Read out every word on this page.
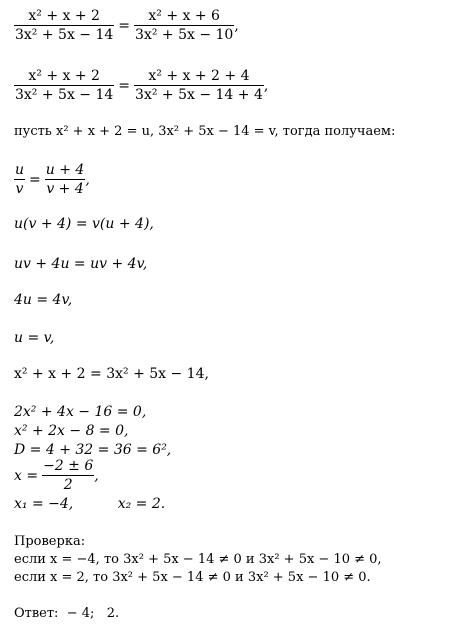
$\frac{\text{x² + x + 2}}{\text{3x² + 5x − 14}} = \frac{\text{x² + x + 6}}{\text{3x² + 5x − 10}}$ ,
$\frac{\text{x² + x + 2}}{\text{3x² + 5x − 14}} = \frac{\text{x² + x + 2 + 4}}{\text{3x² + 5x − 14 + 4}}$ ,
пусть x² + x + 2 = u, 3x² + 5x − 14 = v, тогда получаем:
$\frac{u}{v} = \frac{u + 4}{v + 4}$ ,
u(v + 4) = v(u + 4),
uv + 4u = uv + 4v,
4u = 4v,
u = v,
x² + x + 2 = 3x² + 5x − 14,
2x² + 4x − 16 = 0,
x² + 2x − 8 = 0,
D = 4 + 32 = 36 = 6²,
$x = \frac{-2 \pm 6}{2}$ ,
x₁ = −4,          x₂ = 2.
Проверка:
если x = −4, то 3x² + 5x − 14 ≠ 0 и 3x² + 5x − 10 ≠ 0,
если x = 2, то 3x² + 5x − 14 ≠ 0 и 3x² + 5x − 10 ≠ 0.
Ответ:  − 4;   2.
